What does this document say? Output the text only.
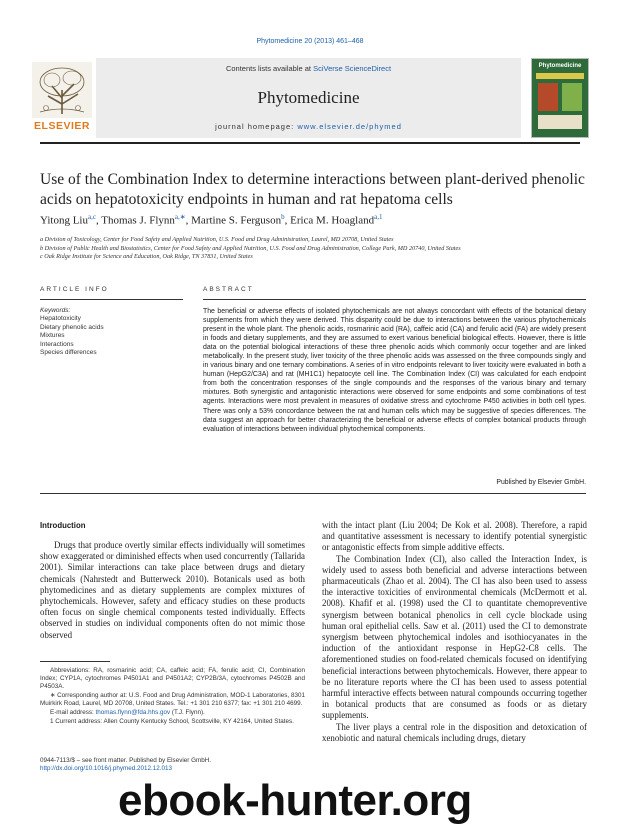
Phytomedicine 20 (2013) 461–468
Contents lists available at SciVerse ScienceDirect
Phytomedicine
journal homepage: www.elsevier.de/phymed
ELSEVIER
Phytomedicine
Use of the Combination Index to determine interactions between plant-derived phenolic acids on hepatotoxicity endpoints in human and rat hepatoma cells
Yitong Liu$^{a,c}$, Thomas J. Flynn$^{a,∗}$, Martine S. Ferguson$^b$, Erica M. Hoagland$^{a,1}$
a Division of Toxicology, Center for Food Safety and Applied Nutrition, U.S. Food and Drug Administration, Laurel, MD 20708, United States
b Division of Public Health and Biostatistics, Center for Food Safety and Applied Nutrition, U.S. Food and Drug Administration, College Park, MD 20740, United States
c Oak Ridge Institute for Science and Education, Oak Ridge, TN 37831, United States
ARTICLE INFO	ABSTRACT
Keywords:
Hepatotoxicity
Dietary phenolic acids
Mixtures
Interactions
Species differences
The beneficial or adverse effects of isolated phytochemicals are not always concordant with effects of the botanical dietary supplements from which they were derived. This disparity could be due to interactions between the various phytochemicals present in the whole plant. The phenolic acids, rosmarinic acid (RA), caffeic acid (CA) and ferulic acid (FA) are widely present in foods and dietary supplements, and they are assumed to exert various beneficial biological effects. However, there is little data on the potential biological interactions of these three phenolic acids which commonly occur together and are linked metabolically. In the present study, liver toxicity of the three phenolic acids was assessed on the three compounds singly and in various binary and one ternary combinations. A series of in vitro endpoints relevant to liver toxicity were evaluated in both a human (HepG2/C3A) and rat (MH1C1) hepatocyte cell line. The Combination Index (CI) was calculated for each endpoint from both the concentration responses of the single compounds and the responses of the various binary and ternary mixtures. Both synergistic and antagonistic interactions were observed for some endpoints and some combinations of test agents. Interactions were most prevalent in measures of oxidative stress and cytochrome P450 activities in both cell types. There was only a 53% concordance between the rat and human cells which may be suggestive of species differences. The data suggest an approach for better characterizing the beneficial or adverse effects of complex botanical products through evaluation of interactions between individual phytochemical components.
Published by Elsevier GmbH.
Introduction

Drugs that produce overtly similar effects individually will sometimes show exaggerated or diminished effects when used concurrently (Tallarida 2001). Similar interactions can take place between drugs and dietary chemicals (Nahrstedt and Butterweck 2010). Botanicals used as both phytomedicines and as dietary supplements are complex mixtures of phytochemicals. However, safety and efficacy studies on these products often focus on single chemical components tested individually. Effects observed in studies on individual components often do not mimic those observed

with the intact plant (Liu 2004; De Kok et al. 2008). Therefore, a rapid and quantitative assessment is necessary to identify potential synergistic or antagonistic effects from simple additive effects.

The Combination Index (CI), also called the Interaction Index, is widely used to assess both beneficial and adverse interactions between pharmaceuticals (Zhao et al. 2004). The CI has also been used to assess the interactive toxicities of environmental chemicals (McDermott et al. 2008). Khafif et al. (1998) used the CI to quantitate chemopreventive synergism between botanical phenolics in cell cycle blockade using human oral epithelial cells. Saw et al. (2011) used the CI to demonstrate synergism between phytochemical indoles and isothiocyanates in the induction of the antioxidant response in HepG2-C8 cells. The aforementioned studies on food-related chemicals focused on identifying beneficial interactions between phytochemicals. However, there appear to be no literature reports where the CI has been used to assess potential harmful interactive effects between natural compounds occurring together in botanical products that are consumed as foods or as dietary supplements.

The liver plays a central role in the disposition and detoxication of xenobiotic and natural chemicals including drugs, dietary

Abbreviations: RA, rosmarinic acid; CA, caffeic acid; FA, ferulic acid; CI, Combination Index; CYP1A, cytochromes P4501A1 and P4501A2; CYP2B/3A, cytochromes P4502B and P4503A.

∗ Corresponding author at: U.S. Food and Drug Administration, MOD-1 Laboratories, 8301 Muirkirk Road, Laurel, MD 20708, United States. Tel.: +1 301 210 6377; fax: +1 301 210 4699.

E-mail address: thomas.flynn@fda.hhs.gov (T.J. Flynn).

1 Current address: Allen County Kentucky School, Scottsville, KY 42164, United States.

0944-7113/$ – see front matter. Published by Elsevier GmbH.
http://dx.doi.org/10.1016/j.phymed.2012.12.013
ebook-hunter.org
